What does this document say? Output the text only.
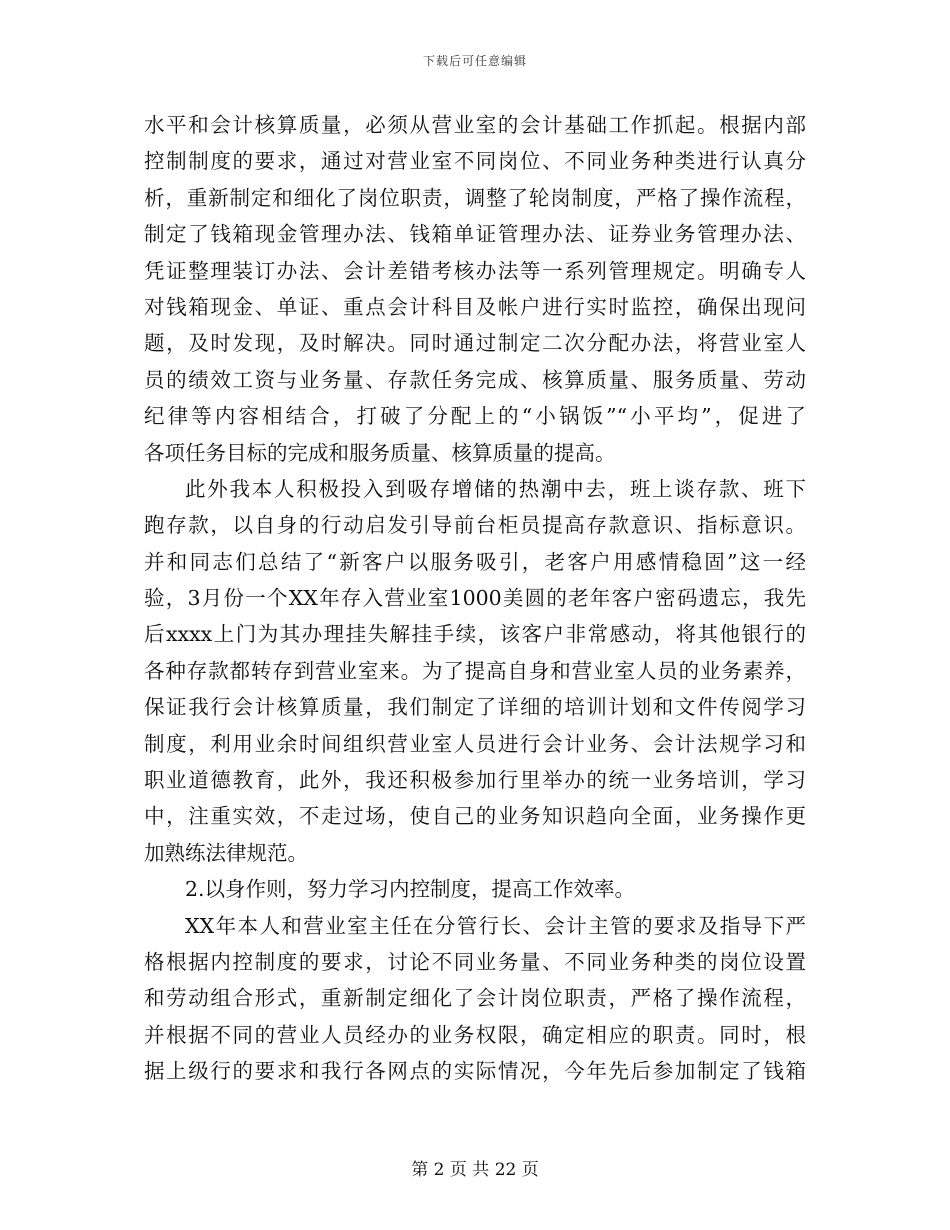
下载后可任意编辑
水平和会计核算质量，必须从营业室的会计基础工作抓起。根据内部
控制制度的要求，通过对营业室不同岗位、不同业务种类进行认真分
析，重新制定和细化了岗位职责，调整了轮岗制度，严格了操作流程，
制定了钱箱现金管理办法、钱箱单证管理办法、证券业务管理办法、
凭证整理装订办法、会计差错考核办法等一系列管理规定。明确专人
对钱箱现金、单证、重点会计科目及帐户进行实时监控，确保出现问
题，及时发现，及时解决。同时通过制定二次分配办法，将营业室人
员的绩效工资与业务量、存款任务完成、核算质量、服务质量、劳动
纪律等内容相结合，打破了分配上的“小锅饭”“小平均”，促进了
各项任务目标的完成和服务质量、核算质量的提高。
此外我本人积极投入到吸存增储的热潮中去，班上谈存款、班下
跑存款，以自身的行动启发引导前台柜员提高存款意识、指标意识。
并和同志们总结了“新客户以服务吸引，老客户用感情稳固”这一经
验，3月份一个XX年存入营业室1000美圆的老年客户密码遗忘，我先
后xxxx上门为其办理挂失解挂手续，该客户非常感动，将其他银行的
各种存款都转存到营业室来。为了提高自身和营业室人员的业务素养，
保证我行会计核算质量，我们制定了详细的培训计划和文件传阅学习
制度，利用业余时间组织营业室人员进行会计业务、会计法规学习和
职业道德教育，此外，我还积极参加行里举办的统一业务培训，学习
中，注重实效，不走过场，使自己的业务知识趋向全面，业务操作更
加熟练法律规范。
2.以身作则，努力学习内控制度，提高工作效率。
XX年本人和营业室主任在分管行长、会计主管的要求及指导下严
格根据内控制度的要求，讨论不同业务量、不同业务种类的岗位设置
和劳动组合形式，重新制定细化了会计岗位职责，严格了操作流程，
并根据不同的营业人员经办的业务权限，确定相应的职责。同时，根
据上级行的要求和我行各网点的实际情况，今年先后参加制定了钱箱
第 2 页 共 22 页
